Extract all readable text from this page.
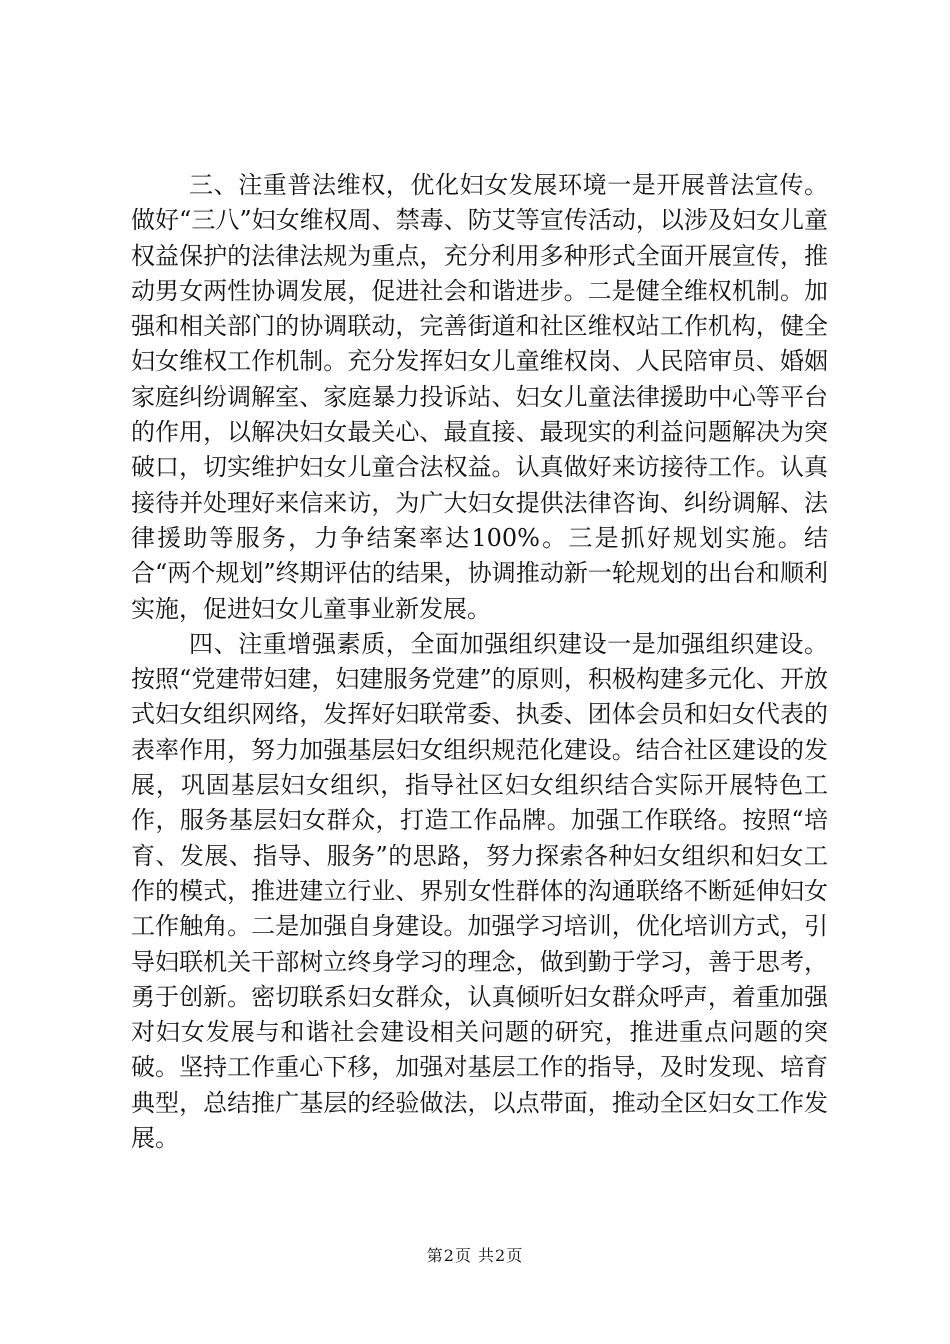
三、注重普法维权，优化妇女发展环境一是开展普法宣传。做好“三八”妇女维权周、禁毒、防艾等宣传活动，以涉及妇女儿童权益保护的法律法规为重点，充分利用多种形式全面开展宣传，推动男女两性协调发展，促进社会和谐进步。二是健全维权机制。加强和相关部门的协调联动，完善街道和社区维权站工作机构，健全妇女维权工作机制。充分发挥妇女儿童维权岗、人民陪审员、婚姻家庭纠纷调解室、家庭暴力投诉站、妇女儿童法律援助中心等平台的作用，以解决妇女最关心、最直接、最现实的利益问题解决为突破口，切实维护妇女儿童合法权益。认真做好来访接待工作。认真接待并处理好来信来访，为广大妇女提供法律咨询、纠纷调解、法律援助等服务，力争结案率达100%。三是抓好规划实施。结合“两个规划”终期评估的结果，协调推动新一轮规划的出台和顺利实施，促进妇女儿童事业新发展。

四、注重增强素质，全面加强组织建设一是加强组织建设。按照“党建带妇建，妇建服务党建”的原则，积极构建多元化、开放式妇女组织网络，发挥好妇联常委、执委、团体会员和妇女代表的表率作用，努力加强基层妇女组织规范化建设。结合社区建设的发展，巩固基层妇女组织，指导社区妇女组织结合实际开展特色工作，服务基层妇女群众，打造工作品牌。加强工作联络。按照“培育、发展、指导、服务”的思路，努力探索各种妇女组织和妇女工作的模式，推进建立行业、界别女性群体的沟通联络不断延伸妇女工作触角。二是加强自身建设。加强学习培训，优化培训方式，引导妇联机关干部树立终身学习的理念，做到勤于学习，善于思考，勇于创新。密切联系妇女群众，认真倾听妇女群众呼声，着重加强对妇女发展与和谐社会建设相关问题的研究，推进重点问题的突破。坚持工作重心下移，加强对基层工作的指导，及时发现、培育典型，总结推广基层的经验做法，以点带面，推动全区妇女工作发展。

第2页 共2页
